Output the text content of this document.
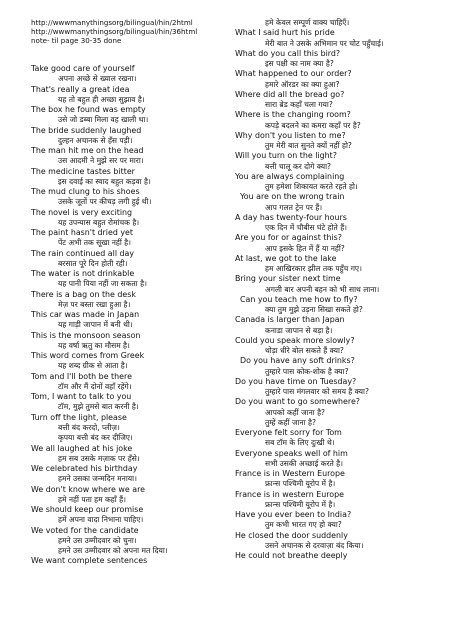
http://wwwmanythingsorg/bilingual/hin/2html
http://wwwmanythingsorg/bilingual/hin/36html
note- til page 30-35 done
Take good care of yourself
अपना अच्छे से ख्याल रखना।
That's really a great idea
यह तो बहुत ही अच्छा सुझाव है।
The box he found was empty
उसे जो डब्बा मिला वह खाली था।
The bride suddenly laughed
दुल्हन अचानक से हँस पड़ी।
The man hit me on the head
उस आदमी ने मुझे सर पर मारा।
The medicine tastes bitter
इस दवाई का स्वाद बहुत कड़वा है।
The mud clung to his shoes
उसके जूतों पर कीचड़ लगी हुई थी।
The novel is very exciting
यह उपन्यास बहुत रोमांचक है।
The paint hasn't dried yet
पेंट अभी तक सूखा नहीं है।
The rain continued all day
बरसात पूरे दिन होती रही।
The water is not drinkable
यह पानी पिया नहीं जा सकता है।
There is a bag on the desk
मेज़ पर बस्ता रखा हुआ है।
This car was made in Japan
यह गाड़ी जापान में बनी थी।
This is the monsoon season
यह वर्षा ऋतु का मौसम है।
This word comes from Greek
यह शब्द ग्रीक से आता है।
Tom and I'll both be there
टॉम और मैं दोनों वहाँ रहेंगे।
Tom, I want to talk to you
टॉम, मुझे तुमसे बात करनी है।
Turn off the light, please
बत्ती बंद करदो, प्लीज़।
कृपया बत्ती बंद कर दीजिए।
We all laughed at his joke
हम सब उसके मज़ाक पर हँसे।
We celebrated his birthday
हमने उसका जन्मदिन मनाया।
We don't know where we are
हमे नहीं पता हम कहाँ हैं।
We should keep our promise
हमें अपना वादा निभाना चाहिए।
We voted for the candidate
हमने उस उम्मीदवार को चुना।
हमने उस उम्मीदवार को अपना मत दिया।
We want complete sentences
हमे केवल सम्पूर्ण वाक्य चाहिएँ।
What I said hurt his pride
मेरी बात ने उसके अभिमान पर चोट पहुँचाई।
What do you call this bird?
इस पक्षी का नाम क्या है?
What happened to our order?
हमारे ऑरडर का क्या हुआ?
Where did all the bread go?
सारा ब्रेड कहाँ चला गया?
Where is the changing room?
कपड़े बदलने का कमरा कहाँ पर है?
Why don't you listen to me?
तुम मेरी बात सुनते क्यों नहीं हो?
Will you turn on the light?
बत्ती चालू कर दोगे क्या?
You are always complaining
तुम हमेशा शिकायत करते रहते हो।
You are on the wrong train
आप गलत ट्रेन पर हैं।
A day has twenty-four hours
एक दिन में चौबीस घंटे होते हैं।
Are you for or against this?
आप इसके हित में हैं या नहीं?
At last, we got to the lake
हम आखिरकार झील तक पहुँच गए।
Bring your sister next time
अगली बार अपनी बहन को भी साथ लाना।
Can you teach me how to fly?
क्या तुम मुझे उड़ना सिखा सकते हो?
Canada is larger than Japan
कनाडा जापान से बड़ा है।
Could you speak more slowly?
थोड़ा धीरे बोल सकते हैं क्या?
Do you have any soft drinks?
तुम्हारे पास कोक-शोक है क्या?
Do you have time on Tuesday?
तुम्हारे पास मंगलवार को समय है क्या?
Do you want to go somewhere?
आपको कहीं जाना है?
तुम्हें कहीं जाना है?
Everyone felt sorry for Tom
सब टॉम के लिए दुःखी थे।
Everyone speaks well of him
सभी उसकी अच्छाई करते है।
France is in Western Europe
फ्रान्स पश्चिमी यूरोप में है।
France is in western Europe
फ्रान्स पश्चिमी यूरोप में है।
Have you ever been to India?
तुम कभी भारत गए हो क्या?
He closed the door suddenly
उसने अचानक से दरवाज़ा बंद किया।
He could not breathe deeply
